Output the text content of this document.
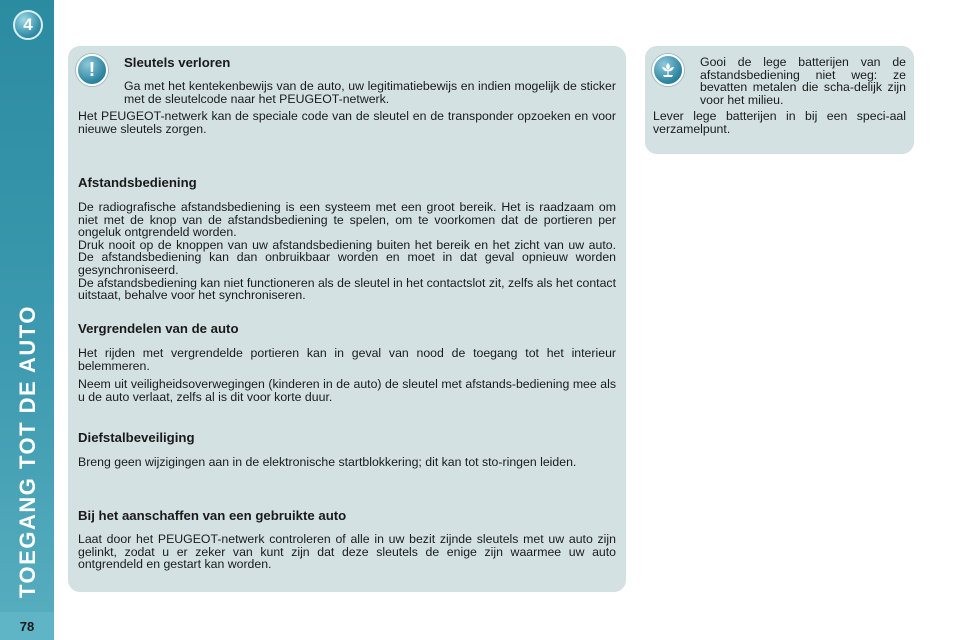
4
TOEGANG TOT DE AUTO
78
!	Sleutels verloren

Ga met het kentekenbewijs van de auto, uw legitimatiebewijs en indien mogelijk de sticker met de sleutelcode naar het PEUGEOT-netwerk.

Het PEUGEOT-netwerk kan de speciale code van de sleutel en de transponder opzoeken en voor nieuwe sleutels zorgen.

Afstandsbediening

De radiografische afstandsbediening is een systeem met een groot bereik. Het is raadzaam om niet met de knop van de afstandsbediening te spelen, om te voorkomen dat de portieren per ongeluk ontgrendeld worden.

Druk nooit op de knoppen van uw afstandsbediening buiten het bereik en het zicht van uw auto. De afstandsbediening kan dan onbruikbaar worden en moet in dat geval opnieuw worden gesynchroniseerd.

De afstandsbediening kan niet functioneren als de sleutel in het contactslot zit, zelfs als het contact uitstaat, behalve voor het synchroniseren.

Vergrendelen van de auto

Het rijden met vergrendelde portieren kan in geval van nood de toegang tot het interieur belemmeren.

Neem uit veiligheidsoverwegingen (kinderen in de auto) de sleutel met afstands-bediening mee als u de auto verlaat, zelfs al is dit voor korte duur.

Diefstalbeveiliging

Breng geen wijzigingen aan in de elektronische startblokkering; dit kan tot sto-ringen leiden.

Bij het aanschaffen van een gebruikte auto

Laat door het PEUGEOT-netwerk controleren of alle in uw bezit zijnde sleutels met uw auto zijn gelinkt, zodat u er zeker van kunt zijn dat deze sleutels de enige zijn waarmee uw auto ontgrendeld en gestart kan worden.

Gooi de lege batterijen van de afstandsbediening niet weg: ze bevatten metalen die scha-delijk zijn voor het milieu.

Lever lege batterijen in bij een speci-aal verzamelpunt.
